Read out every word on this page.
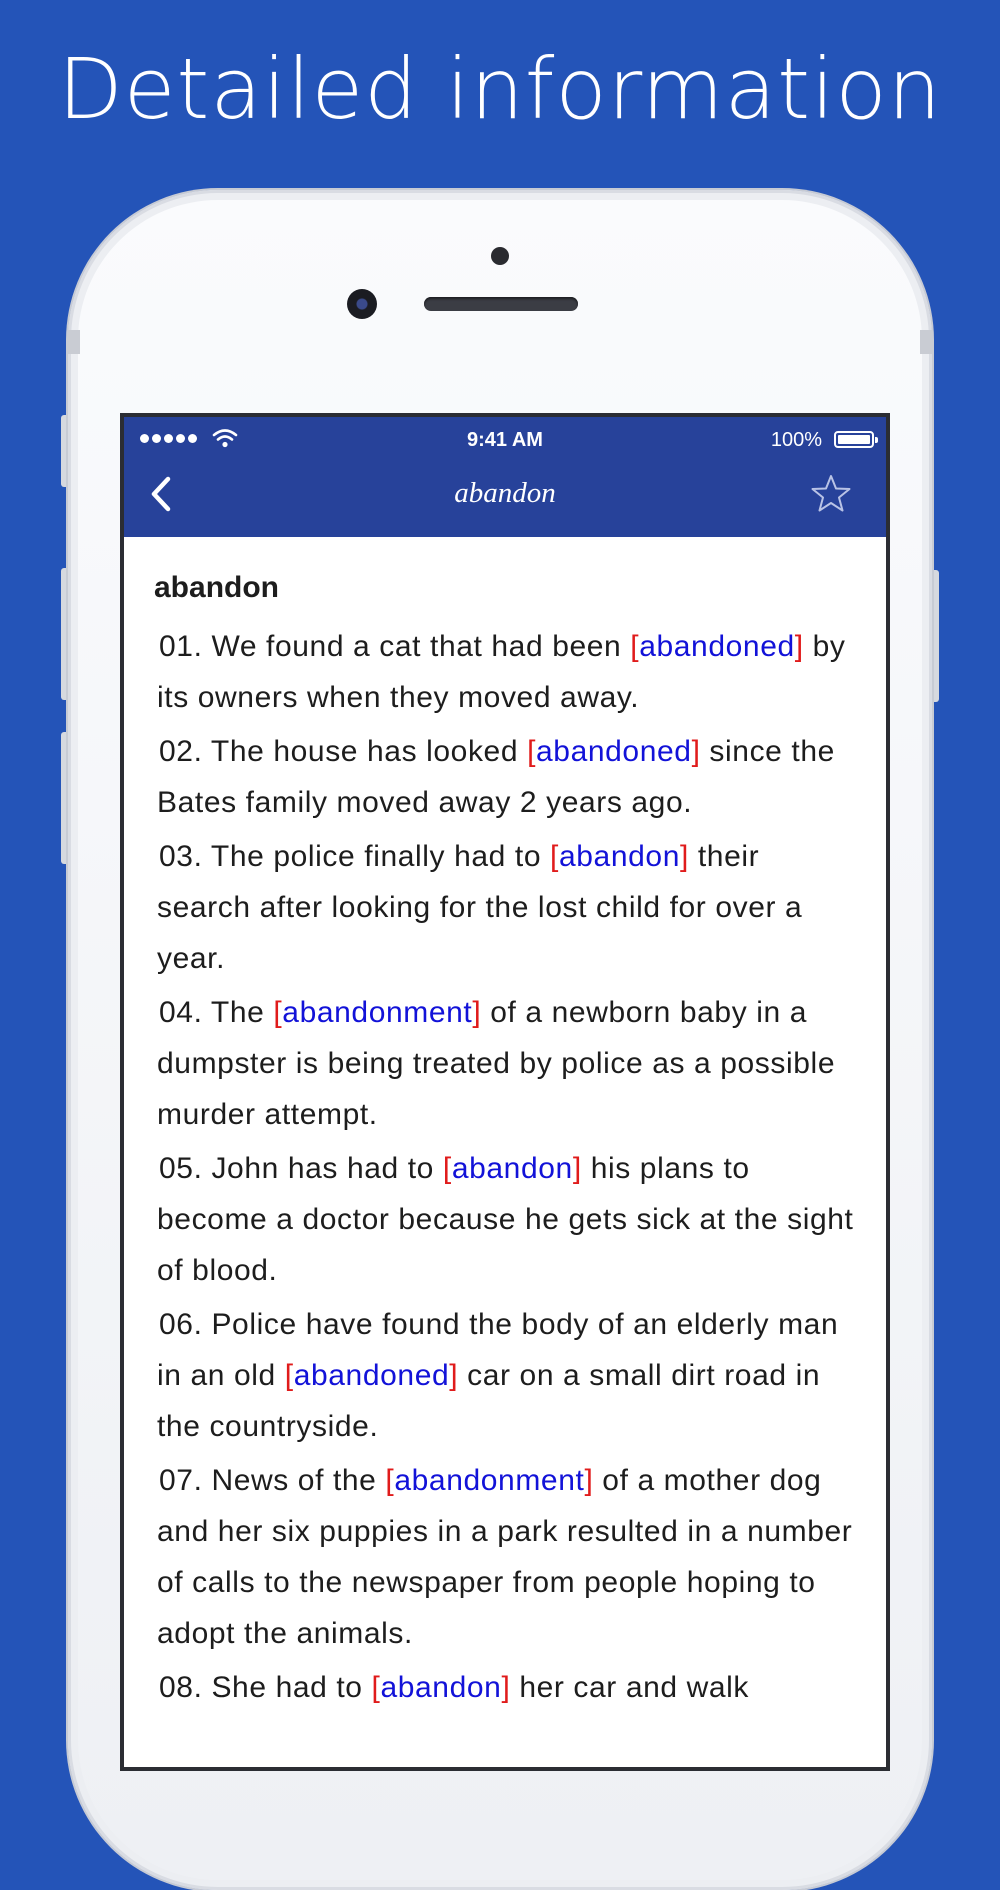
Detailed information
9:41 AM	100%
abandon
abandon
01. We found a cat that had been [abandoned] by its owners when they moved away.
02. The house has looked [abandoned] since the Bates family moved away 2 years ago.
03. The police finally had to [abandon] their search after looking for the lost child for over a year.
04. The [abandonment] of a newborn baby in a dumpster is being treated by police as a possible murder attempt.
05. John has had to [abandon] his plans to become a doctor because he gets sick at the sight of blood.
06. Police have found the body of an elderly man in an old [abandoned] car on a small dirt road in the countryside.
07. News of the [abandonment] of a mother dog and her six puppies in a park resulted in a number of calls to the newspaper from people hoping to adopt the animals.
08. She had to [abandon] her car and walk
